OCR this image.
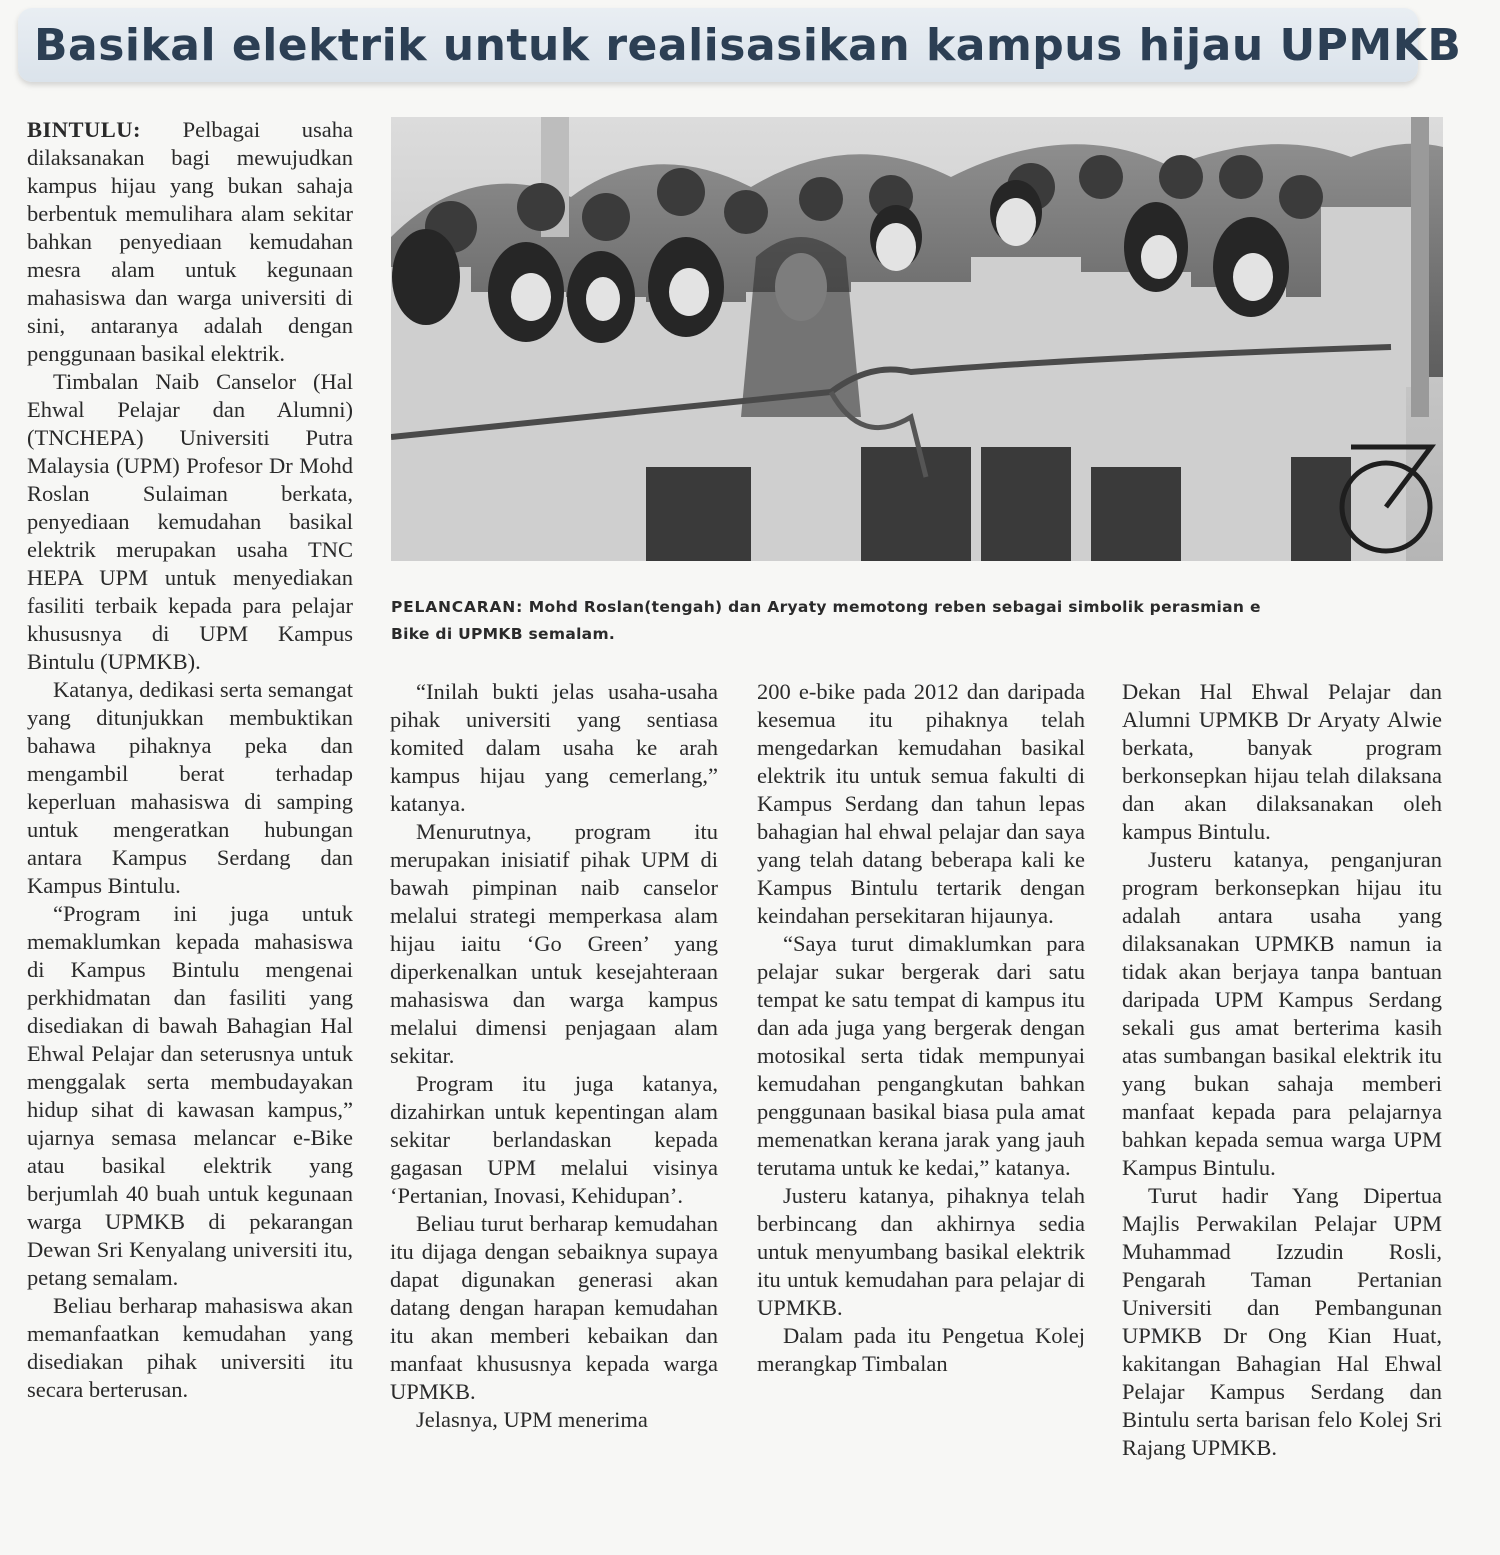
Basikal elektrik untuk realisasikan kampus hijau UPMKB

BINTULU: Pelbagai usaha dilaksanakan bagi mewujudkan kampus hijau yang bukan sahaja berbentuk memulihara alam sekitar bahkan penyediaan kemudahan mesra alam untuk kegunaan mahasiswa dan warga universiti di sini, antaranya adalah dengan penggunaan basikal elektrik.

Timbalan Naib Canselor (Hal Ehwal Pelajar dan Alumni) (TNCHEPA) Universiti Putra Malaysia (UPM) Profesor Dr Mohd Roslan Sulaiman berkata, penyediaan kemudahan basikal elektrik merupakan usaha TNC HEPA UPM untuk menyediakan fasiliti terbaik kepada para pelajar khususnya di UPM Kampus Bintulu (UPMKB).

Katanya, dedikasi serta semangat yang ditunjukkan membuktikan bahawa pihaknya peka dan mengambil berat terhadap keperluan mahasiswa di samping untuk mengeratkan hubungan antara Kampus Serdang dan Kampus Bintulu.

“Program ini juga untuk memaklumkan kepada mahasiswa di Kampus Bintulu mengenai perkhidmatan dan fasiliti yang disediakan di bawah Bahagian Hal Ehwal Pelajar dan seterusnya untuk menggalak serta membudayakan hidup sihat di kawasan kampus,” ujarnya semasa melancar e-Bike atau basikal elektrik yang berjumlah 40 buah untuk kegunaan warga UPMKB di pekarangan Dewan Sri Kenyalang universiti itu, petang semalam.

Beliau berharap mahasiswa akan memanfaatkan kemudahan yang disediakan pihak universiti itu secara berterusan.

PELANCARAN: Mohd Roslan(tengah) dan Aryaty memotong reben sebagai simbolik perasmian e
Bike di UPMKB semalam.

“Inilah bukti jelas usaha-usaha pihak universiti yang sentiasa komited dalam usaha ke arah kampus hijau yang cemerlang,” katanya.

Menurutnya, program itu merupakan inisiatif pihak UPM di bawah pimpinan naib canselor melalui strategi memperkasa alam hijau iaitu ‘Go Green’ yang diperkenalkan untuk kesejahteraan mahasiswa dan warga kampus melalui dimensi penjagaan alam sekitar.

Program itu juga katanya, dizahirkan untuk kepentingan alam sekitar berlandaskan kepada gagasan UPM melalui visinya ‘Pertanian, Inovasi, Kehidupan’.

Beliau turut berharap kemudahan itu dijaga dengan sebaiknya supaya dapat digunakan generasi akan datang dengan harapan kemudahan itu akan memberi kebaikan dan manfaat khususnya kepada warga UPMKB.

Jelasnya, UPM menerima

200 e-bike pada 2012 dan daripada kesemua itu pihaknya telah mengedarkan kemudahan basikal elektrik itu untuk semua fakulti di Kampus Serdang dan tahun lepas bahagian hal ehwal pelajar dan saya yang telah datang beberapa kali ke Kampus Bintulu tertarik dengan keindahan persekitaran hijaunya.

“Saya turut dimaklumkan para pelajar sukar bergerak dari satu tempat ke satu tempat di kampus itu dan ada juga yang bergerak dengan motosikal serta tidak mempunyai kemudahan pengangkutan bahkan penggunaan basikal biasa pula amat memenatkan kerana jarak yang jauh terutama untuk ke kedai,” katanya.

Justeru katanya, pihaknya telah berbincang dan akhirnya sedia untuk menyumbang basikal elektrik itu untuk kemudahan para pelajar di UPMKB.

Dalam pada itu Pengetua Kolej merangkap Timbalan

Dekan Hal Ehwal Pelajar dan Alumni UPMKB Dr Aryaty Alwie berkata, banyak program berkonsepkan hijau telah dilaksana dan akan dilaksanakan oleh kampus Bintulu.

Justeru katanya, penganjuran program berkonsepkan hijau itu adalah antara usaha yang dilaksanakan UPMKB namun ia tidak akan berjaya tanpa bantuan daripada UPM Kampus Serdang sekali gus amat berterima kasih atas sumbangan basikal elektrik itu yang bukan sahaja memberi manfaat kepada para pelajarnya bahkan kepada semua warga UPM Kampus Bintulu.

Turut hadir Yang Dipertua Majlis Perwakilan Pelajar UPM Muhammad Izzudin Rosli, Pengarah Taman Pertanian Universiti dan Pembangunan UPMKB Dr Ong Kian Huat, kakitangan Bahagian Hal Ehwal Pelajar Kampus Serdang dan Bintulu serta barisan felo Kolej Sri Rajang UPMKB.
